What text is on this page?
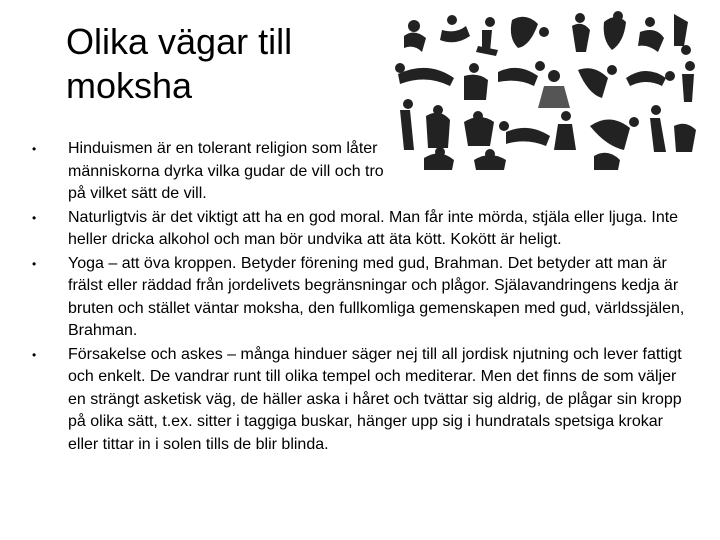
Olika vägar till moksha
• Hinduismen är en tolerant religion som låter människorna dyrka vilka gudar de vill och tro på vilket sätt de vill.
• Naturligtvis är det viktigt att ha en god moral. Man får inte mörda, stjäla eller ljuga. Inte heller dricka alkohol och man bör undvika att äta kött. Kokött är heligt.
• Yoga – att öva kroppen. Betyder förening med gud, Brahman. Det betyder att man är frälst eller räddad från jordelivets begränsningar och plågor. Själavandringens kedja är bruten och stället väntar moksha, den fullkomliga gemenskapen med gud, världssjälen, Brahman.
• Försakelse och askes – många hinduer säger nej till all jordisk njutning och lever fattigt och enkelt. De vandrar runt till olika tempel och mediterar. Men det finns de som väljer en strängt asketisk väg, de häller aska i håret och tvättar sig aldrig, de plågar sin kropp på olika sätt, t.ex. sitter i taggiga buskar, hänger upp sig i hundratals spetsiga krokar eller tittar in i solen tills de blir blinda.
